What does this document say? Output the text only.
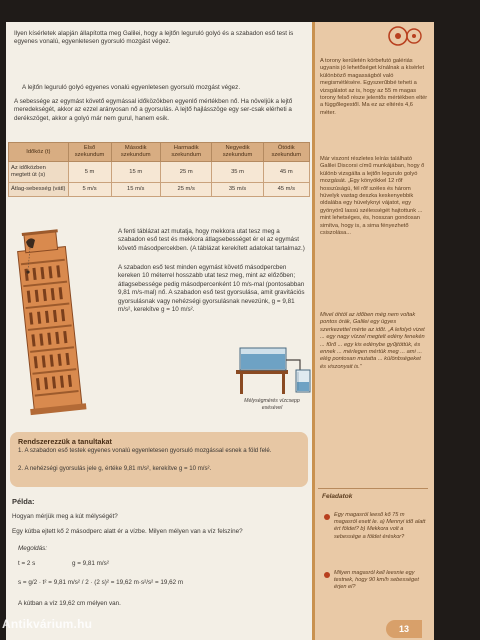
Ilyen kísérletek alapján állapította meg Galilei, hogy a lejtőn leguruló golyó és a szabadon eső test is egyenes vonalú, egyenletesen gyorsuló mozgást végez.

A lejtőn leguruló golyó egyenes vonalú egyenletesen gyorsuló mozgást végez.

A sebessége az egymást követő egymással időközökben egyenlő mértékben nő. Ha növeljük a lejtő meredekségét, akkor az ezzel arányosan nő a gyorsulás. A lejtő hajlásszöge egy ser-csak elérheti a derékszöget, akkor a golyó már nem gurul, hanem esik.

Időköz (t)	Első szekundum	Második szekundum	Harmadik szekundum	Negyedik szekundum	Ötödik szekundum
Az időközben megtett út (s)	5 m	15 m	25 m	35 m	45 m
Átlag-sebesség (vátl)	5 m/s	15 m/s	25 m/s	35 m/s	45 m/s

A fenti táblázat azt mutatja, hogy mekkora utat tesz meg a szabadon eső test és mekkora átlagsebességet ér el az egymást követő másodpercekben. (A táblázat kerekített adatokat tartalmaz.)

A szabadon eső test minden egymást követő másodpercben kereken 10 méterrel hosszabb utat tesz meg, mint az előzőben; átlagsebessége pedig másodpercenként 10 m/s-mal (pontosabban 9,81 m/s-mal) nő. A szabadon eső test gyorsulása, amit gravitációs gyorsulásnak vagy nehézségi gyorsulásnak nevezünk, g = 9,81 m/s², kerekítve g = 10 m/s².

Mélységmérés vízcsepp esésével

Rendszerezzük a tanultakat

1. A szabadon eső testek egyenes vonalú egyenletesen gyorsuló mozgással esnek a föld felé.

2. A nehézségi gyorsulás jele g, értéke 9,81 m/s², kerekítve g = 10 m/s².

Példa:

Hogyan mérjük meg a kút mélységét?

Egy kútba ejtett kő 2 másodperc alatt ér a vízbe. Milyen mélyen van a víz felszíne?

Megoldás:

t = 2 s	g = 9,81 m/s²
s = g/2 · t² = 9,81 m/s² / 2 · (2 s)² = 19,62 m·s²/s² = 19,62 m

A kútban a víz 19,62 cm mélyen van.

A torony kerületén körbefutó galériás ugyanis jó lehetőséget kínálnak a kísérlet különböző magasságból való megismétlésére. Egyszerűbbé teheti a vizsgálatot az is, hogy az 55 m magas torony felső része jelentős mértékben eltér a függőlegestől. Ma ez az eltérés 4,6 méter.

Már viszont részletes leírás található Galilei Discorsi című munkájában, hogy ő különb vizsgálta a lejtőn legurulo golyó mozgását. „Egy könyökkel 12 rőf hosszúságú, fél rőf széles és három hüvelyk vastag deszka keskenyebbik oldalába egy hüvelyknyi vájatot, egy gyönyörű lassú szélességét hajtottunk ... mint lehetséges, és, hosszan gondosan simítva, hogy is, a sima fényezhető csiszolása...

Mivel óhtól az időben még nem voltak pontos órák, Galilei egy ügyes szerkezettel mérte az időt. „A lefolyó vizet ... egy nagy vízzel megtelt edény fenekén ... fűrő ... egy kis edénybe gyűjtöttük, és ennek ... mérlegen mértük meg ... ami ... elég pontosan mutatta ... különbségeket és viszonyait is.“

Feladatok

Egy magasról leeső kő 75 m magasról esett le. a) Mennyi idő alatt ért földet? b) Mekkora volt a sebessége a földet éréskor?

Milyen magasról kell leesnie egy testnek, hogy 90 km/h sebességet érjen el?

13
Antikvárium.hu
